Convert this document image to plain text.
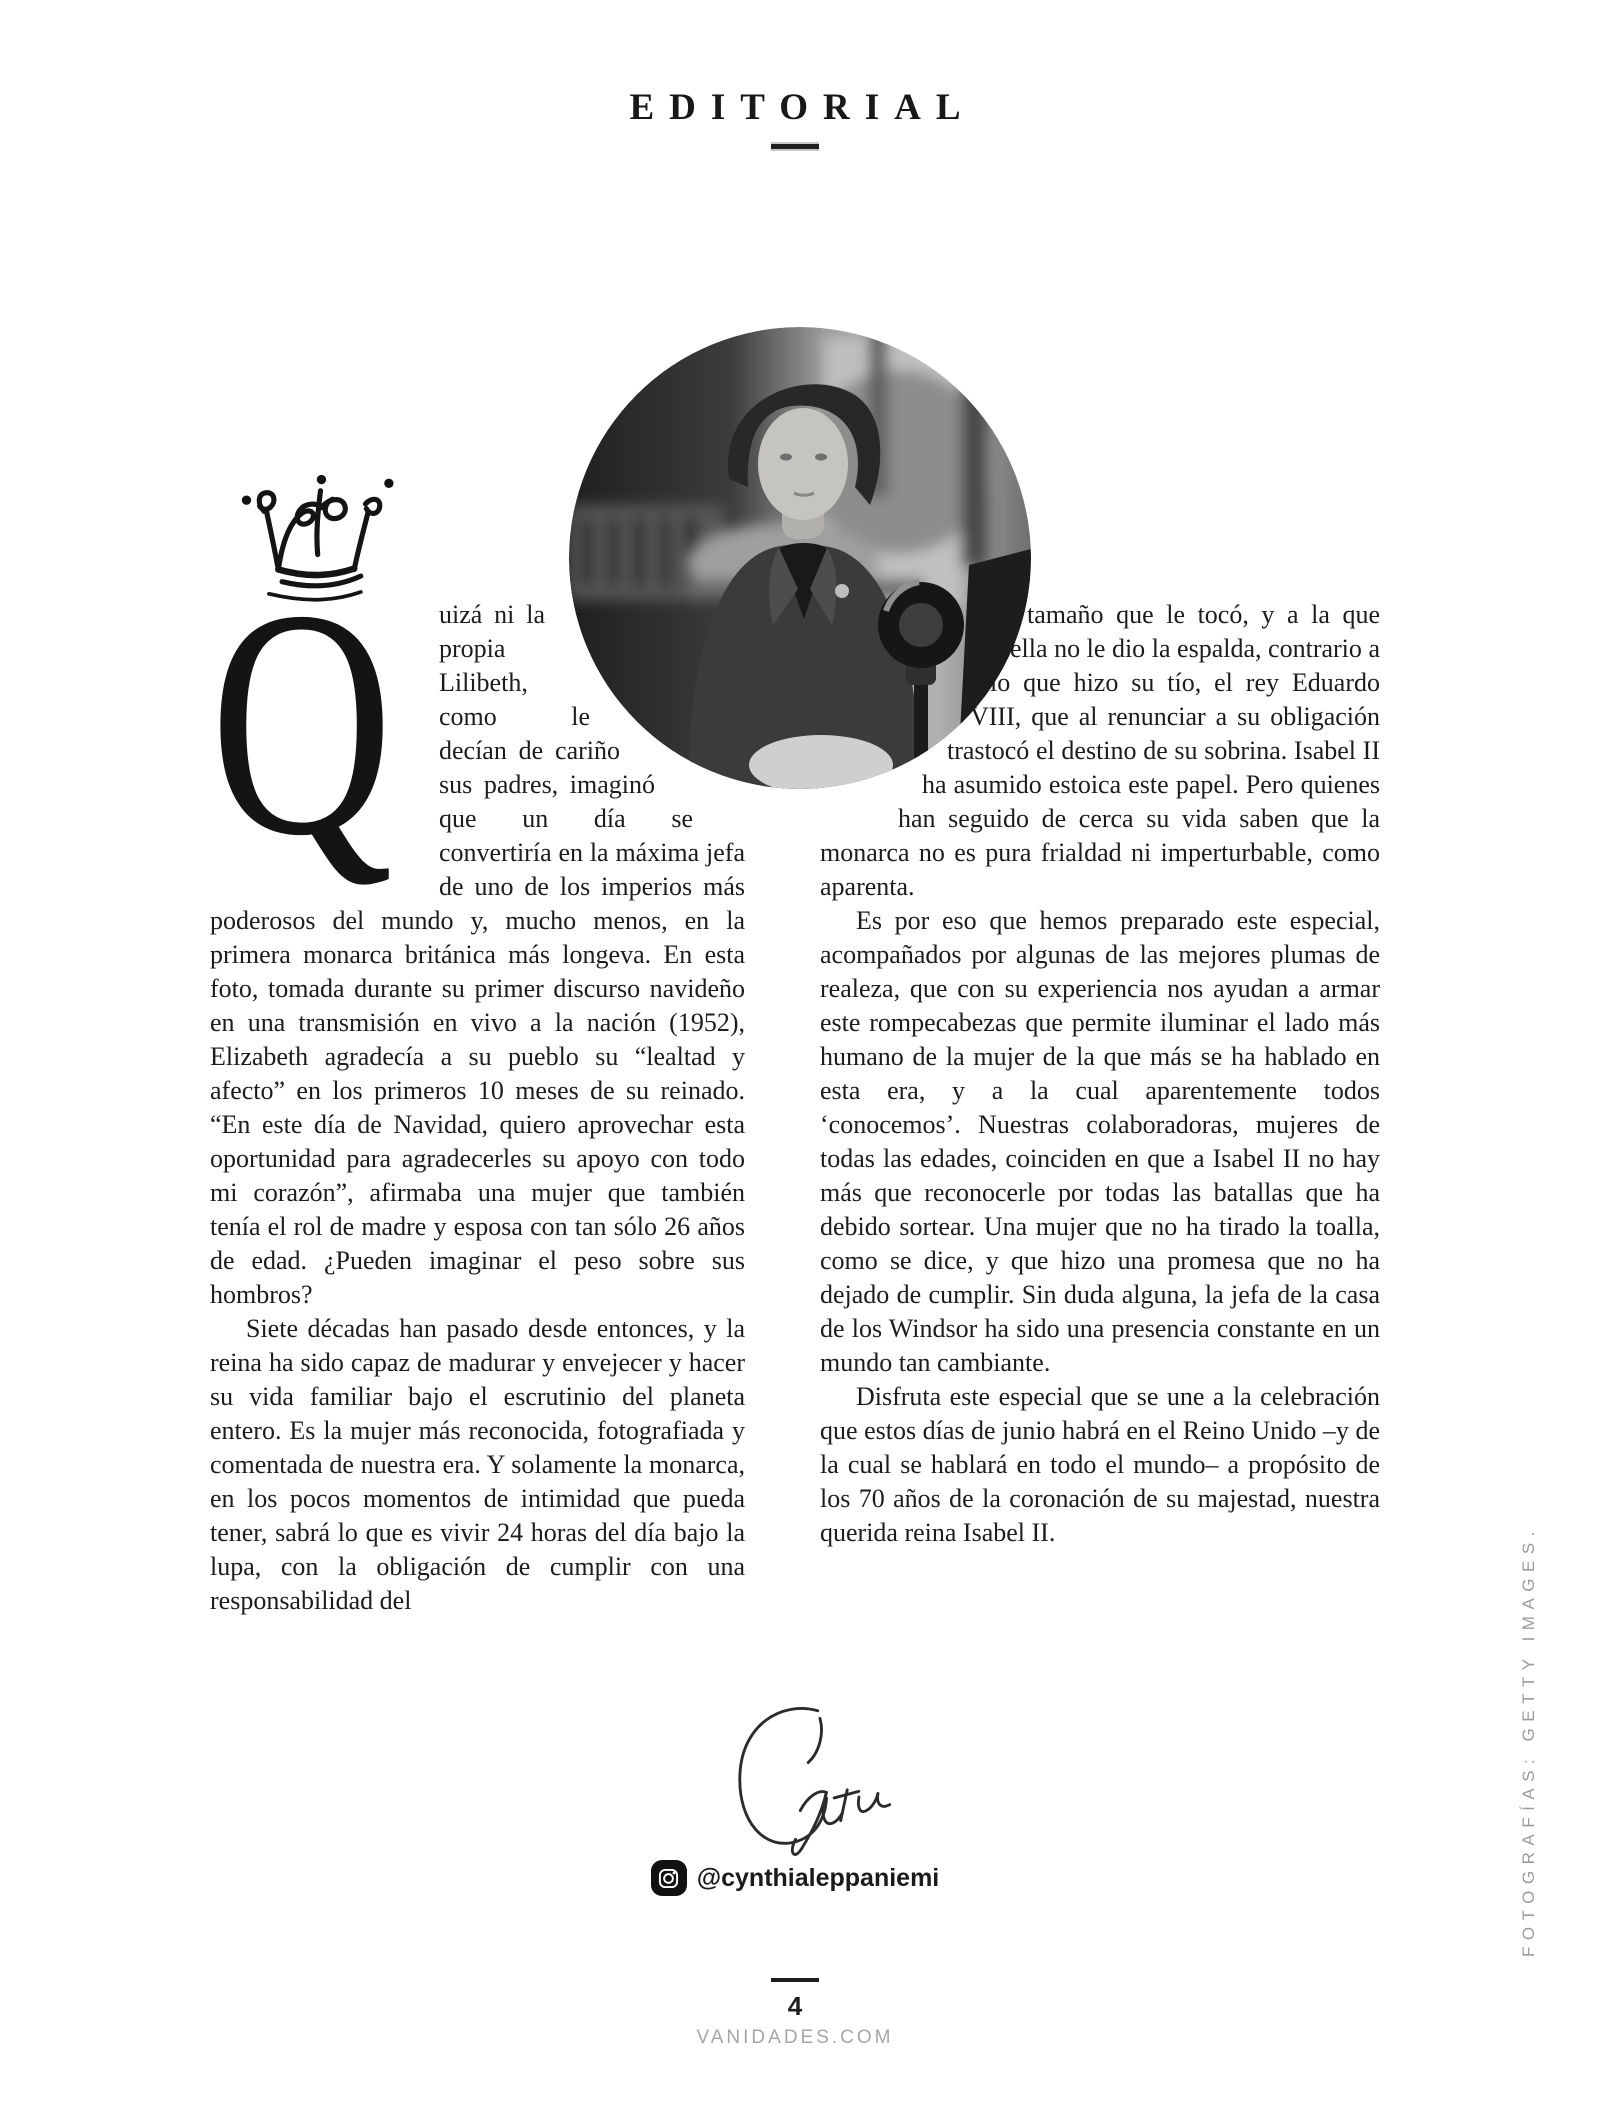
EDITORIAL
Q	uizá ni la propia Lilibeth, como le decían de cariño sus padres, imaginó que un día se convertiría en la máxima jefa de uno de los imperios más poderosos del mundo y, mucho menos, en la primera monarca británica más longeva. En esta foto, tomada durante su primer discurso navideño en una transmisión en vivo a la nación (1952), Elizabeth agradecía a su pueblo su “lealtad y afecto” en los primeros 10 meses de su reinado. “En este día de Navidad, quiero aprovechar esta oportunidad para agradecerles su apoyo con todo mi corazón”, afirmaba una mujer que también tenía el rol de madre y esposa con tan sólo 26 años de edad. ¿Pueden imaginar el peso sobre sus hombros?

Siete décadas han pasado desde entonces, y la reina ha sido capaz de madurar y envejecer y hacer su vida familiar bajo el escrutinio del planeta entero. Es la mujer más reconocida, fotografiada y comentada de nuestra era. Y solamente la monarca, en los pocos momentos de intimidad que pueda tener, sabrá lo que es vivir 24 horas del día bajo la lupa, con la obligación de cumplir con una responsabilidad del

tamaño que le tocó, y a la que ella no le dio la espalda, contrario a lo que hizo su tío, el rey Eduardo VIII, que al renunciar a su obligación trastocó el destino de su sobrina. Isabel II ha asumido estoica este papel. Pero quienes han seguido de cerca su vida saben que la monarca no es pura frialdad ni imperturbable, como aparenta.

Es por eso que hemos preparado este especial, acompañados por algunas de las mejores plumas de realeza, que con su experiencia nos ayudan a armar este rompecabezas que permite iluminar el lado más humano de la mujer de la que más se ha hablado en esta era, y a la cual aparentemente todos ‘conocemos’. Nuestras colaboradoras, mujeres de todas las edades, coinciden en que a Isabel II no hay más que reconocerle por todas las batallas que ha debido sortear. Una mujer que no ha tirado la toalla, como se dice, y que hizo una promesa que no ha dejado de cumplir. Sin duda alguna, la jefa de la casa de los Windsor ha sido una presencia constante en un mundo tan cambiante.

Disfruta este especial que se une a la celebración que estos días de junio habrá en el Reino Unido –y de la cual se hablará en todo el mundo– a propósito de los 70 años de la coronación de su majestad, nuestra querida reina Isabel II.

@cynthialeppaniemi
4
VANIDADES.COM
FOTOGRAFÍAS: GETTY IMAGES.
